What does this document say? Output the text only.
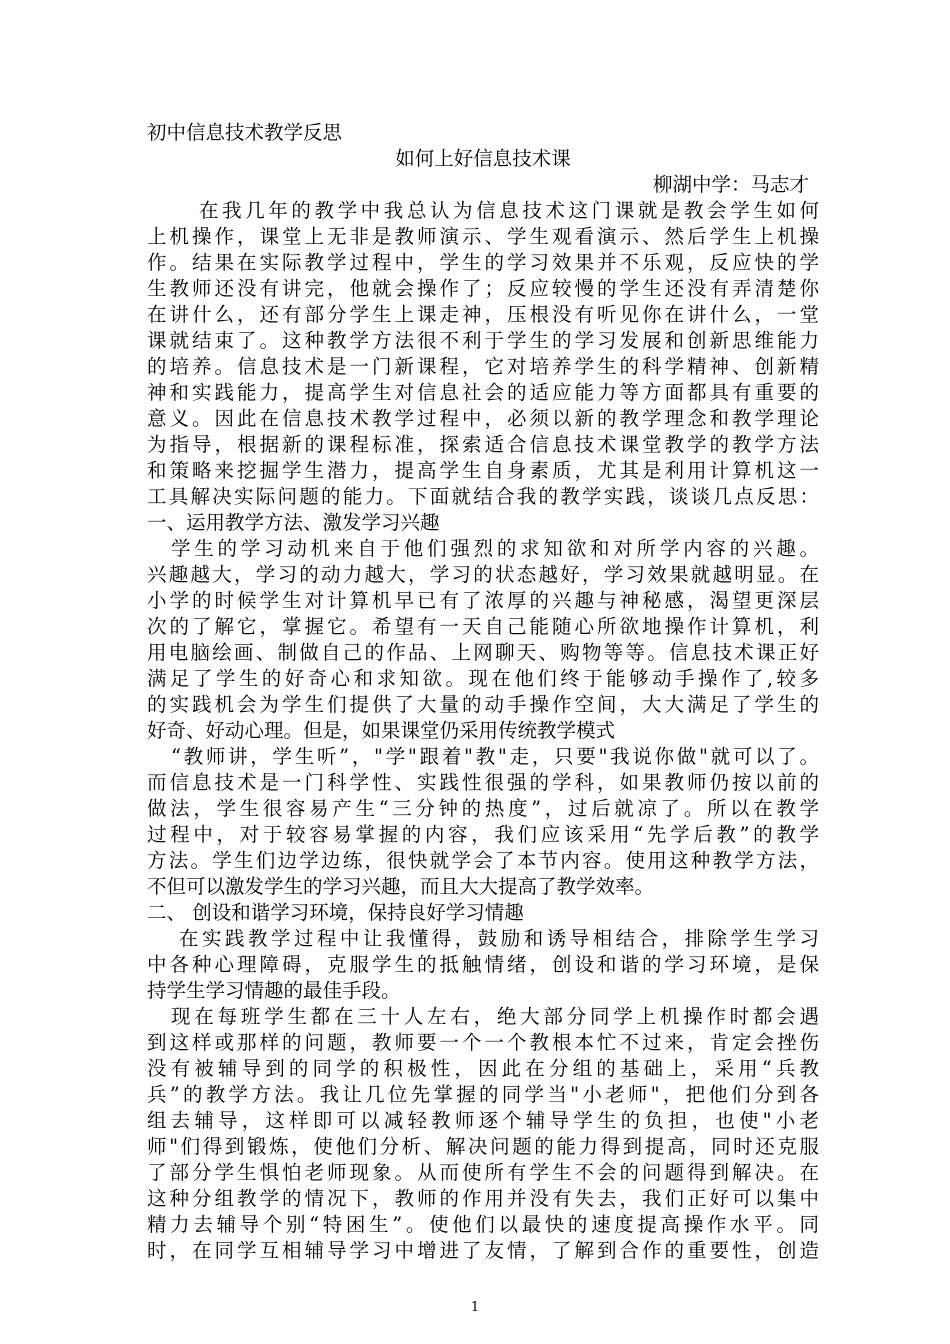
初中信息技术教学反思
如何上好信息技术课
柳湖中学：马志才
在我几年的教学中我总认为信息技术这门课就是教会学生如何
上机操作，课堂上无非是教师演示、学生观看演示、然后学生上机操
作。结果在实际教学过程中，学生的学习效果并不乐观，反应快的学
生教师还没有讲完，他就会操作了；反应较慢的学生还没有弄清楚你
在讲什么，还有部分学生上课走神，压根没有听见你在讲什么，一堂
课就结束了。这种教学方法很不利于学生的学习发展和创新思维能力
的培养。信息技术是一门新课程，它对培养学生的科学精神、创新精
神和实践能力，提高学生对信息社会的适应能力等方面都具有重要的
意义。因此在信息技术教学过程中，必须以新的教学理念和教学理论
为指导，根据新的课程标准，探索适合信息技术课堂教学的教学方法
和策略来挖掘学生潜力，提高学生自身素质，尤其是利用计算机这一
工具解决实际问题的能力。下面就结合我的教学实践，谈谈几点反思：
一、运用教学方法、激发学习兴趣
学生的学习动机来自于他们强烈的求知欲和对所学内容的兴趣。
兴趣越大，学习的动力越大，学习的状态越好，学习效果就越明显。在
小学的时候学生对计算机早已有了浓厚的兴趣与神秘感，渴望更深层
次的了解它，掌握它。希望有一天自己能随心所欲地操作计算机，利
用电脑绘画、制做自己的作品、上网聊天、购物等等。信息技术课正好
满足了学生的好奇心和求知欲。现在他们终于能够动手操作了,较多
的实践机会为学生们提供了大量的动手操作空间，大大满足了学生的
好奇、好动心理。但是，如果课堂仍采用传统教学模式
“教师讲，学生听”，"学"跟着"教"走，只要"我说你做"就可以了。
而信息技术是一门科学性、实践性很强的学科，如果教师仍按以前的
做法，学生很容易产生“三分钟的热度”，过后就凉了。所以在教学
过程中，对于较容易掌握的内容，我们应该采用“先学后教”的教学
方法。学生们边学边练，很快就学会了本节内容。使用这种教学方法，
不但可以激发学生的学习兴趣，而且大大提高了教学效率。
二、 创设和谐学习环境，保持良好学习情趣
在实践教学过程中让我懂得，鼓励和诱导相结合，排除学生学习
中各种心理障碍，克服学生的抵触情绪，创设和谐的学习环境，是保
持学生学习情趣的最佳手段。
现在每班学生都在三十人左右，绝大部分同学上机操作时都会遇
到这样或那样的问题，教师要一个一个教根本忙不过来，肯定会挫伤
没有被辅导到的同学的积极性，因此在分组的基础上，采用“兵教
兵”的教学方法。我让几位先掌握的同学当"小老师"，把他们分到各
组去辅导，这样即可以减轻教师逐个辅导学生的负担，也使"小老
师"们得到锻炼，使他们分析、解决问题的能力得到提高，同时还克服
了部分学生惧怕老师现象。从而使所有学生不会的问题得到解决。在
这种分组教学的情况下，教师的作用并没有失去，我们正好可以集中
精力去辅导个别“特困生”。使他们以最快的速度提高操作水平。同
时，在同学互相辅导学习中增进了友情，了解到合作的重要性，创造
1
